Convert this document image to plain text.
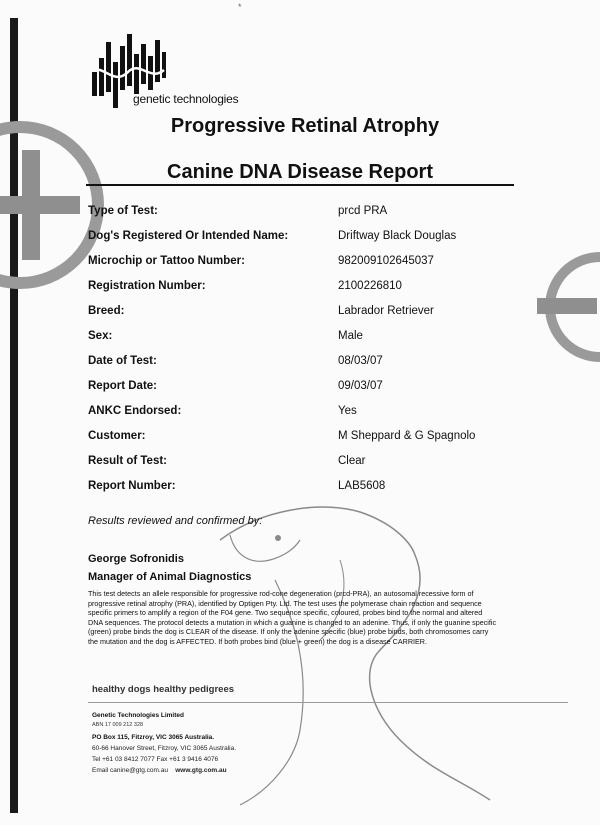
*
genetic technologies
Progressive Retinal Atrophy
Canine DNA Disease Report
Type of Test:	prcd PRA
Dog's Registered Or Intended Name:	Driftway Black Douglas
Microchip or Tattoo Number:	982009102645037
Registration Number:	2100226810
Breed:	Labrador Retriever
Sex:	Male
Date of Test:	08/03/07
Report Date:	09/03/07
ANKC Endorsed:	Yes
Customer:	M Sheppard & G Spagnolo
Result of Test:	Clear
Report Number:	LAB5608
Results reviewed and confirmed by:
George Sofronidis
Manager of Animal Diagnostics
This test detects an allele responsible for progressive rod-cone degeneration (prcd-PRA), an autosomal recessive form of progressive retinal atrophy (PRA), identified by Optigen Pty. Ltd. The test uses the polymerase chain reaction and sequence specific primers to amplify a region of the F04 gene. Two sequence specific, coloured, probes bind to the normal and altered DNA sequences. The protocol detects a mutation in which a guanine is changed to an adenine. Thus, if only the guanine specific (green) probe binds the dog is CLEAR of the disease. If only the adenine specific (blue) probe binds, both chromosomes carry the mutation and the dog is AFFECTED. If both probes bind (blue + green) the dog is a disease CARRIER.
healthy dogs healthy pedigrees
Genetic Technologies Limited
ABN 17 009 212 328
PO Box 115, Fitzroy, VIC 3065 Australia.
60-66 Hanover Street, Fitzroy, VIC 3065 Australia.
Tel +61 03 8412 7077 Fax +61 3 9416 4076
Email canine@gtg.com.au www.gtg.com.au
